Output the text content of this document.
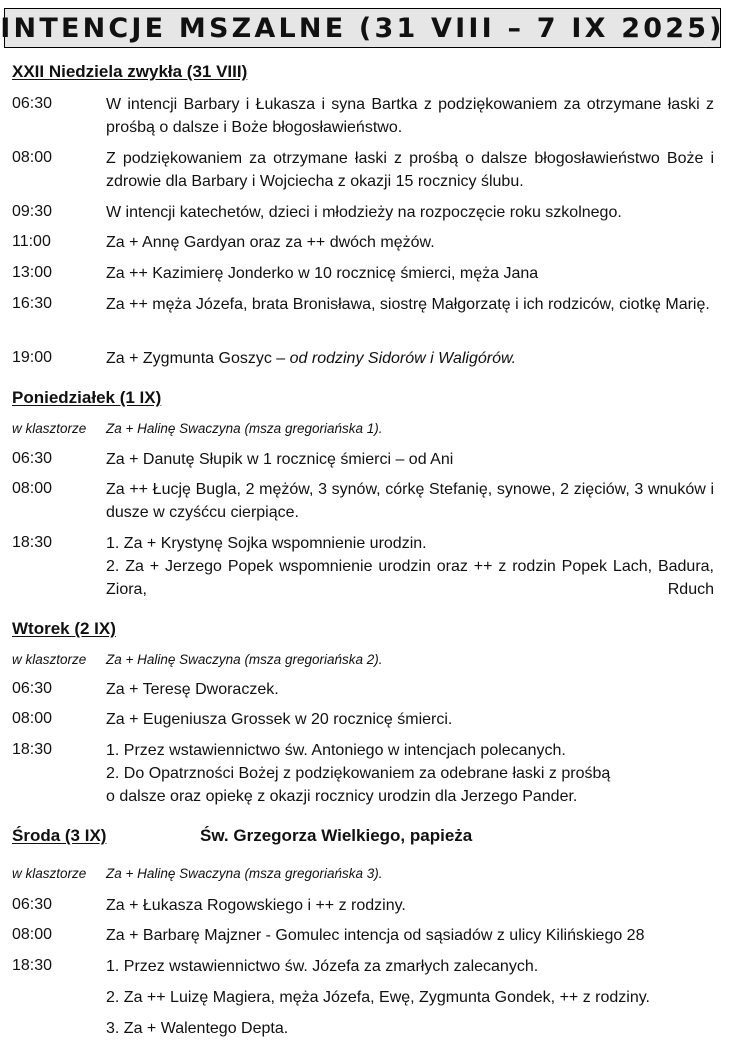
INTENCJE MSZALNE (31 VIII – 7 IX 2025)
XXII Niedziela zwykła (31 VIII)
06:30	W intencji Barbary i Łukasza i syna Bartka z podziękowaniem za otrzymane łaski z prośbą o dalsze i Boże błogosławieństwo.
08:00	Z podziękowaniem za otrzymane łaski z prośbą o dalsze błogosławieństwo Boże i zdrowie dla Barbary i Wojciecha z okazji 15 rocznicy ślubu.
09:30	W intencji katechetów, dzieci i młodzieży na rozpoczęcie roku szkolnego.
11:00	Za + Annę Gardyan oraz za ++ dwóch mężów.
13:00	Za ++ Kazimierę Jonderko w 10 rocznicę śmierci, męża Jana
16:30	Za ++ męża Józefa, brata Bronisława, siostrę Małgorzatę i ich rodziców, ciotkę Marię.
19:00	Za + Zygmunta Goszyc – od rodziny Sidorów i Waligórów.
Poniedziałek (1 IX)
w klasztorze Za + Halinę Swaczyna (msza gregoriańska 1).
06:30	Za + Danutę Słupik w 1 rocznicę śmierci – od Ani
08:00	Za ++ Łucję Bugla, 2 mężów, 3 synów, córkę Stefanię, synowe, 2 zięciów, 3 wnuków i dusze w czyśćcu cierpiące.
18:30	1. Za + Krystynę Sojka wspomnienie urodzin.
2. Za + Jerzego Popek wspomnienie urodzin oraz ++ z rodzin Popek Lach, Badura, Ziora, Rduch
Wtorek (2 IX)
w klasztorze Za + Halinę Swaczyna (msza gregoriańska 2).
06:30	Za + Teresę Dworaczek.
08:00	Za + Eugeniusza Grossek w 20 rocznicę śmierci.
18:30	1. Przez wstawiennictwo św. Antoniego w intencjach polecanych.
2. Do Opatrzności Bożej z podziękowaniem za odebrane łaski z prośbą
o dalsze oraz opiekę z okazji rocznicy urodzin dla Jerzego Pander.
Środa (3 IX)	Św. Grzegorza Wielkiego, papieża
w klasztorze Za + Halinę Swaczyna (msza gregoriańska 3).
06:30	Za + Łukasza Rogowskiego i ++ z rodziny.
08:00	Za + Barbarę Majzner - Gomulec intencja od sąsiadów z ulicy Kilińskiego 28
18:30	1. Przez wstawiennictwo św. Józefa za zmarłych zalecanych.
2. Za ++ Luizę Magiera, męża Józefa, Ewę, Zygmunta Gondek, ++ z rodziny.
3. Za + Walentego Depta.
